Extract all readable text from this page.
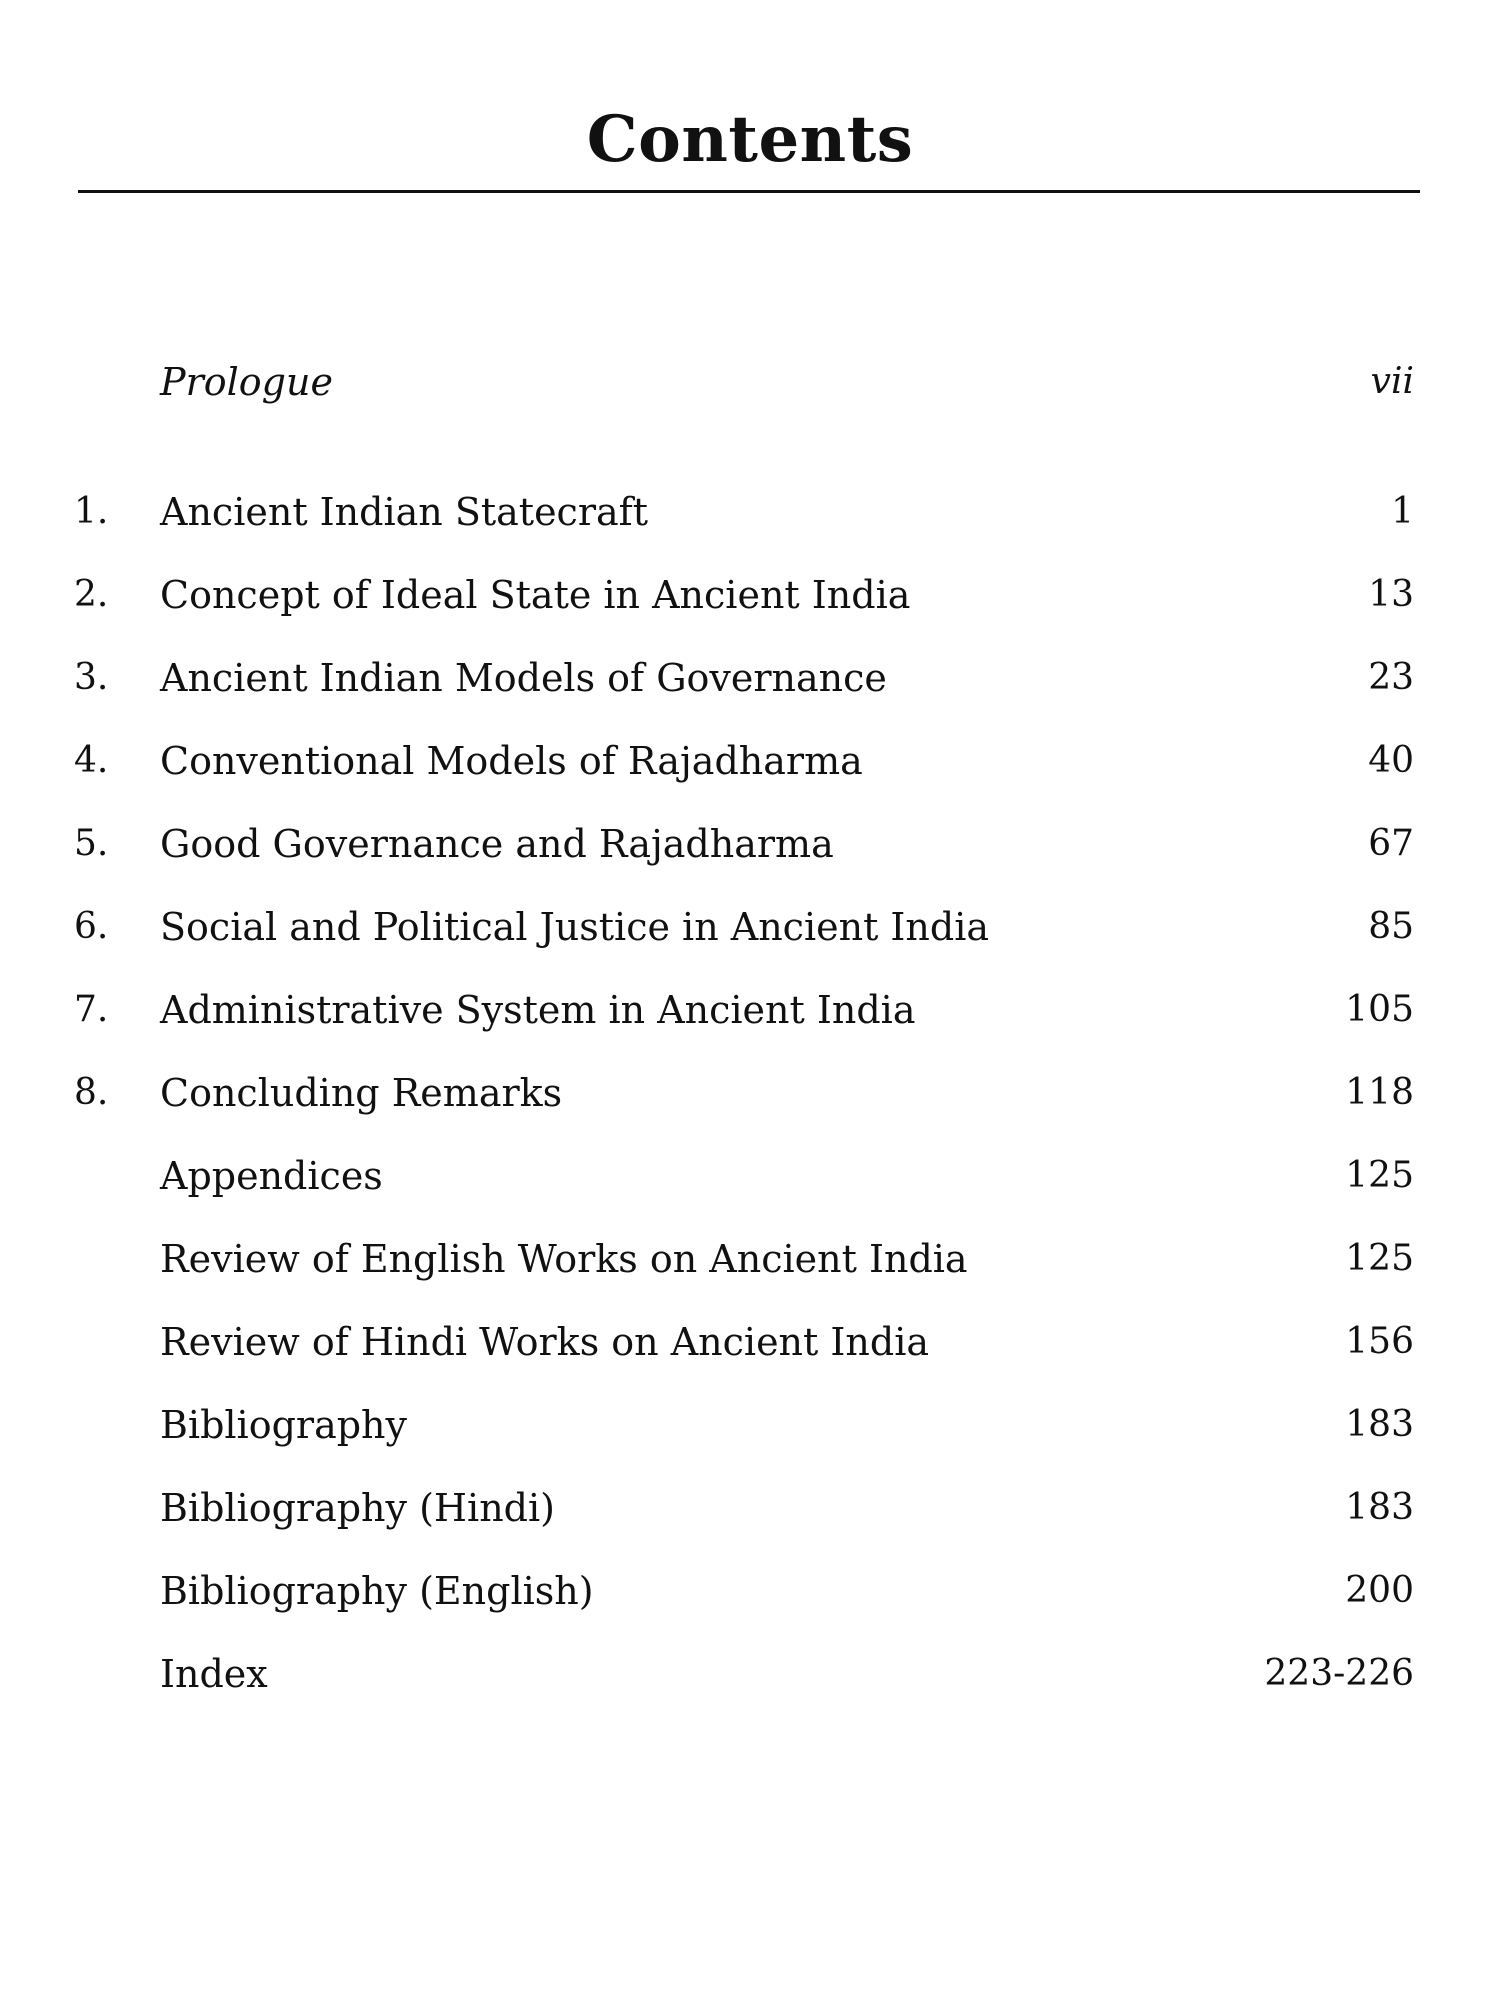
Contents
Prologue	vii
1. Ancient Indian Statecraft	1
2. Concept of Ideal State in Ancient India	13
3. Ancient Indian Models of Governance	23
4. Conventional Models of Rajadharma	40
5. Good Governance and Rajadharma	67
6. Social and Political Justice in Ancient India	85
7. Administrative System in Ancient India	105
8. Concluding Remarks	118
Appendices	125
Review of English Works on Ancient India	125
Review of Hindi Works on Ancient India	156
Bibliography	183
Bibliography (Hindi)	183
Bibliography (English)	200
Index	223-226
